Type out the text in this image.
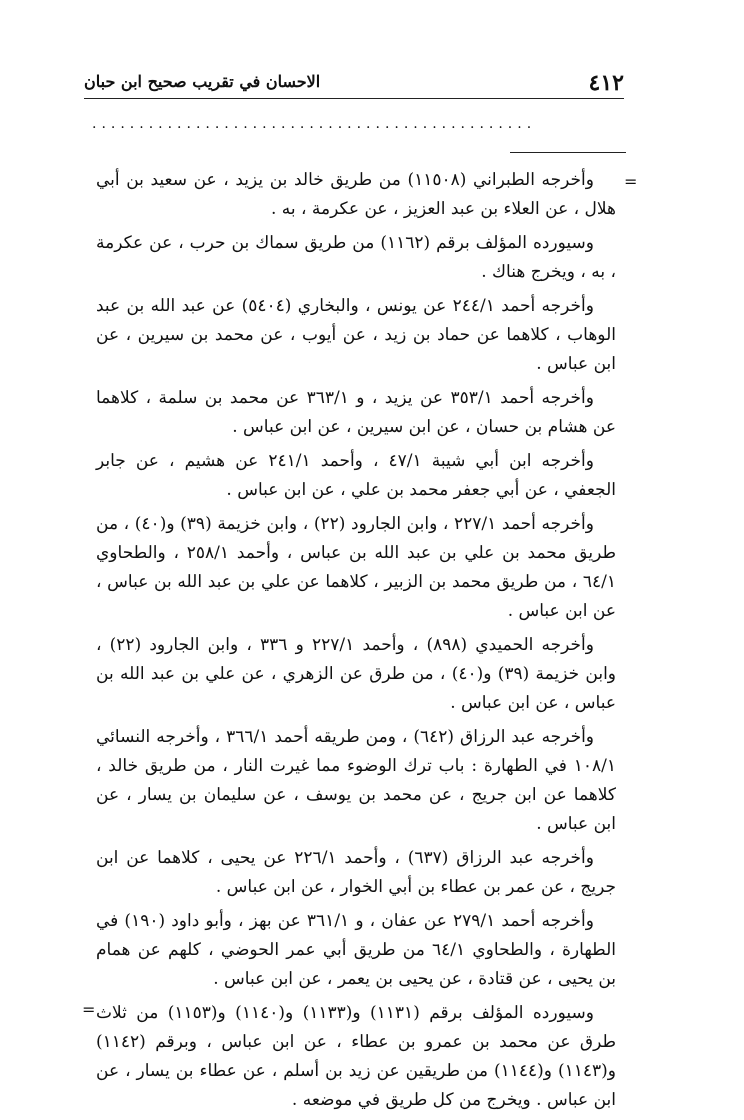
٤١٢
الاحسان في تقريب صحيح ابن حبان
...............................................
=
=

وأخرجه الطبراني (١١٥٠٨) من طريق خالد بن يزيد ، عن سعيد بن أبي هلال ، عن العلاء بن عبد العزيز ، عن عكرمة ، به .

وسيورده المؤلف برقم (١١٦٢) من طريق سماك بن حرب ، عن عكرمة ، به ، ويخرج هناك .

وأخرجه أحمد ٢٤٤/١ عن يونس ، والبخاري (٥٤٠٤) عن عبد الله بن عبد الوهاب ، كلاهما عن حماد بن زيد ، عن أيوب ، عن محمد بن سيرين ، عن ابن عباس .

وأخرجه أحمد ٣٥٣/١ عن يزيد ، و ٣٦٣/١ عن محمد بن سلمة ، كلاهما عن هشام بن حسان ، عن ابن سيرين ، عن ابن عباس .

وأخرجه ابن أبي شيبة ٤٧/١ ، وأحمد ٢٤١/١ عن هشيم ، عن جابر الجعفي ، عن أبي جعفر محمد بن علي ، عن ابن عباس .

وأخرجه أحمد ٢٢٧/١ ، وابن الجارود (٢٢) ، وابن خزيمة (٣٩) و(٤٠) ، من طريق محمد بن علي بن عبد الله بن عباس ، وأحمد ٢٥٨/١ ، والطحاوي ٦٤/١ ، من طريق محمد بن الزبير ، كلاهما عن علي بن عبد الله بن عباس ، عن ابن عباس .

وأخرجه الحميدي (٨٩٨) ، وأحمد ٢٢٧/١ و ٣٣٦ ، وابن الجارود (٢٢) ، وابن خزيمة (٣٩) و(٤٠) ، من طرق عن الزهري ، عن علي بن عبد الله بن عباس ، عن ابن عباس .

وأخرجه عبد الرزاق (٦٤٢) ، ومن طريقه أحمد ٣٦٦/١ ، وأخرجه النسائي ١٠٨/١ في الطهارة : باب ترك الوضوء مما غيرت النار ، من طريق خالد ، كلاهما عن ابن جريج ، عن محمد بن يوسف ، عن سليمان بن يسار ، عن ابن عباس .

وأخرجه عبد الرزاق (٦٣٧) ، وأحمد ٢٢٦/١ عن يحيى ، كلاهما عن ابن جريج ، عن عمر بن عطاء بن أبي الخوار ، عن ابن عباس .

وأخرجه أحمد ٢٧٩/١ عن عفان ، و ٣٦١/١ عن بهز ، وأبو داود (١٩٠) في الطهارة ، والطحاوي ٦٤/١ من طريق أبي عمر الحوضي ، كلهم عن همام بن يحيى ، عن قتادة ، عن يحيى بن يعمر ، عن ابن عباس .

وسيورده المؤلف برقم (١١٣١) و(١١٣٣) و(١١٤٠) و(١١٥٣) من ثلاث طرق عن محمد بن عمرو بن عطاء ، عن ابن عباس ، وبرقم (١١٤٢) و(١١٤٣) و(١١٤٤) من طريقين عن زيد بن أسلم ، عن عطاء بن يسار ، عن ابن عباس . ويخرج من كل طريق في موضعه .
